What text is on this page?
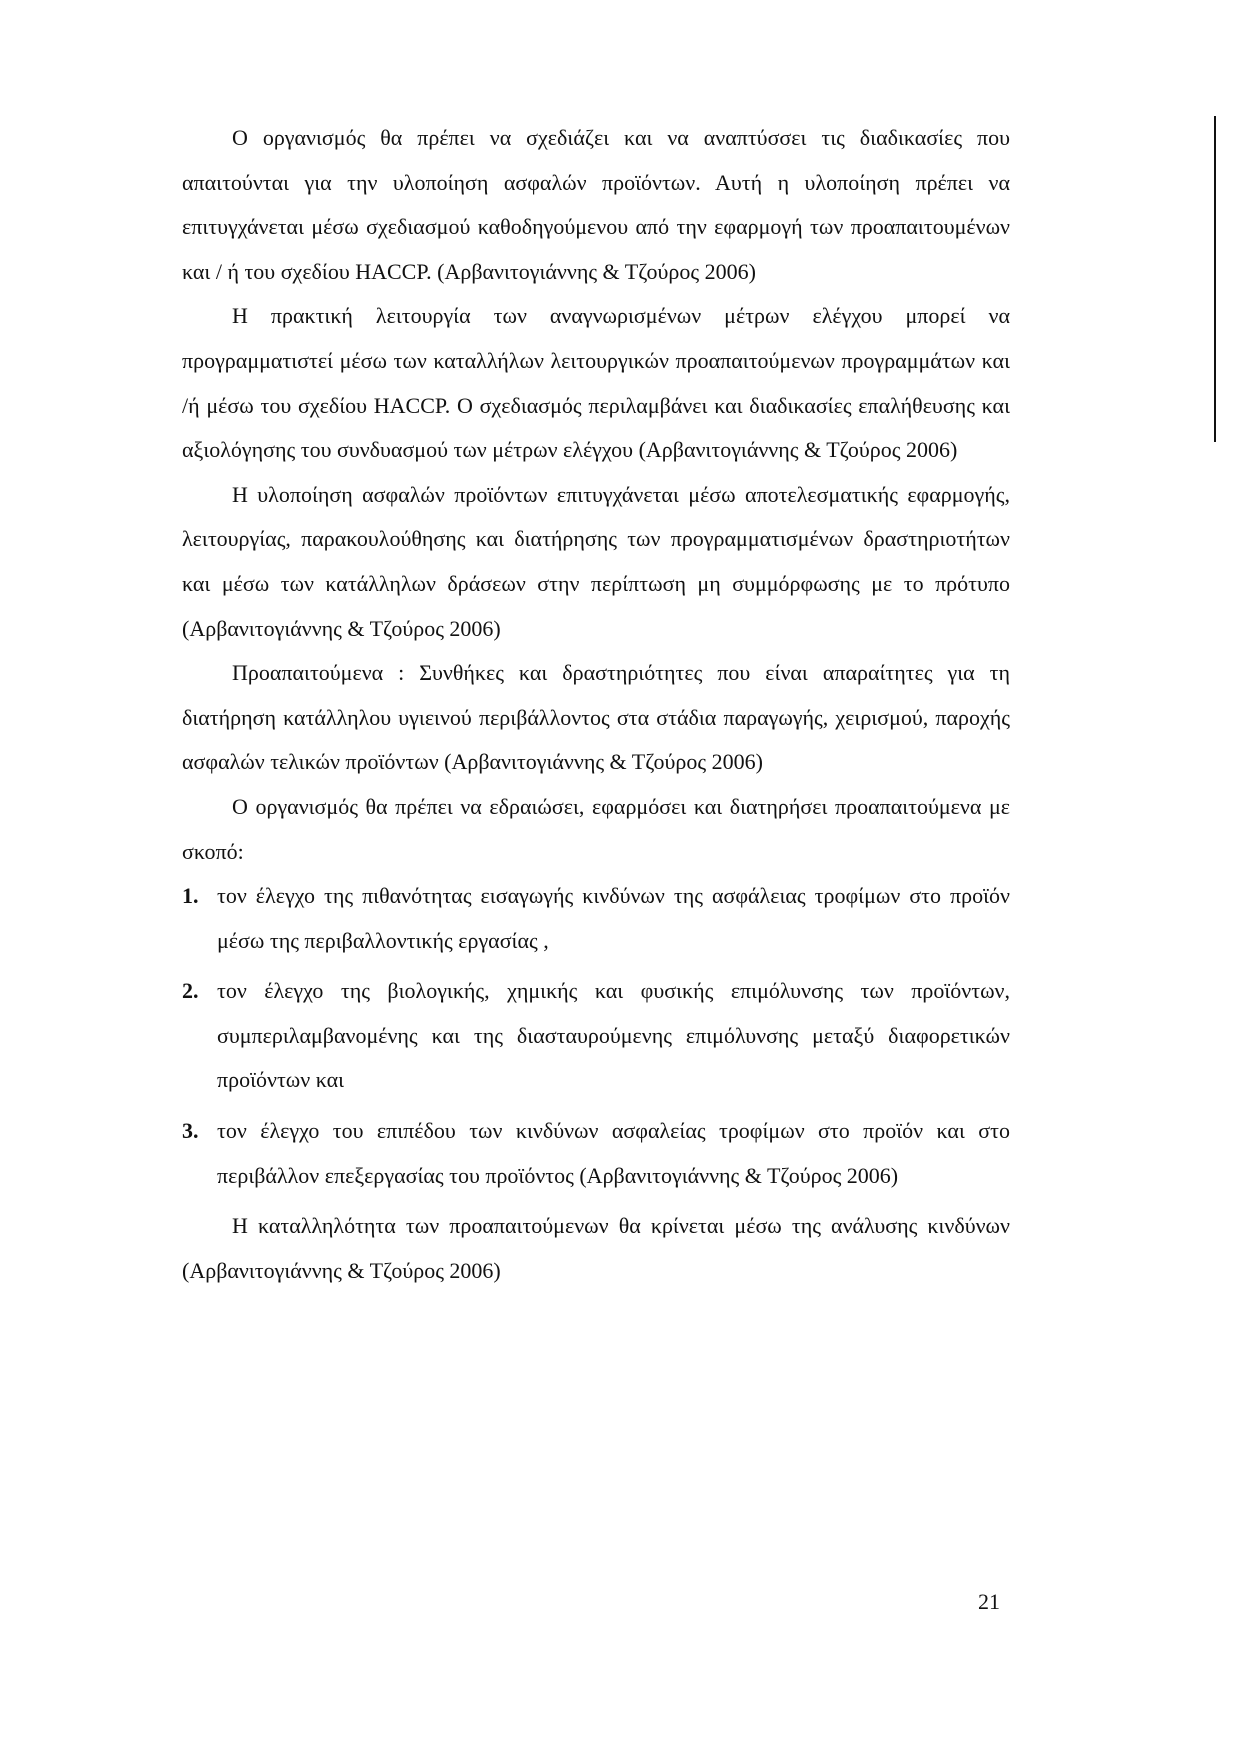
Ο οργανισμός θα πρέπει να σχεδιάζει και να αναπτύσσει τις διαδικασίες που απαιτούνται για την υλοποίηση ασφαλών προϊόντων. Αυτή η υλοποίηση πρέπει να επιτυγχάνεται μέσω σχεδιασμού καθοδηγούμενου από την εφαρμογή των προαπαιτουμένων και / ή του σχεδίου HACCP. (Αρβανιτογιάννης & Τζούρος 2006)

Η πρακτική λειτουργία των αναγνωρισμένων μέτρων ελέγχου μπορεί να προγραμματιστεί μέσω των καταλλήλων λειτουργικών προαπαιτούμενων προγραμμάτων και /ή μέσω του σχεδίου HACCP. Ο σχεδιασμός περιλαμβάνει και διαδικασίες επαλήθευσης και αξιολόγησης του συνδυασμού των μέτρων ελέγχου (Αρβανιτογιάννης & Τζούρος 2006)

Η υλοποίηση ασφαλών προϊόντων επιτυγχάνεται μέσω αποτελεσματικής εφαρμογής, λειτουργίας, παρακουλούθησης και διατήρησης των προγραμματισμένων δραστηριοτήτων και μέσω των κατάλληλων δράσεων στην περίπτωση μη συμμόρφωσης με το πρότυπο (Αρβανιτογιάννης & Τζούρος 2006)

Προαπαιτούμενα : Συνθήκες και δραστηριότητες που είναι απαραίτητες για τη διατήρηση κατάλληλου υγιεινού περιβάλλοντος στα στάδια παραγωγής, χειρισμού, παροχής ασφαλών τελικών προϊόντων (Αρβανιτογιάννης & Τζούρος 2006)

Ο οργανισμός θα πρέπει να εδραιώσει, εφαρμόσει και διατηρήσει προαπαιτούμενα με σκοπό:

1. τον έλεγχο της πιθανότητας εισαγωγής κινδύνων της ασφάλειας τροφίμων στο προϊόν μέσω της περιβαλλοντικής εργασίας ,
2. τον έλεγχο της βιολογικής, χημικής και φυσικής επιμόλυνσης των προϊόντων, συμπεριλαμβανομένης και της διασταυρούμενης επιμόλυνσης μεταξύ διαφορετικών προϊόντων και
3. τον έλεγχο του επιπέδου των κινδύνων ασφαλείας τροφίμων στο προϊόν και στο περιβάλλον επεξεργασίας του προϊόντος (Αρβανιτογιάννης & Τζούρος 2006)

Η καταλληλότητα των προαπαιτούμενων θα κρίνεται μέσω της ανάλυσης κινδύνων (Αρβανιτογιάννης & Τζούρος 2006)

21
